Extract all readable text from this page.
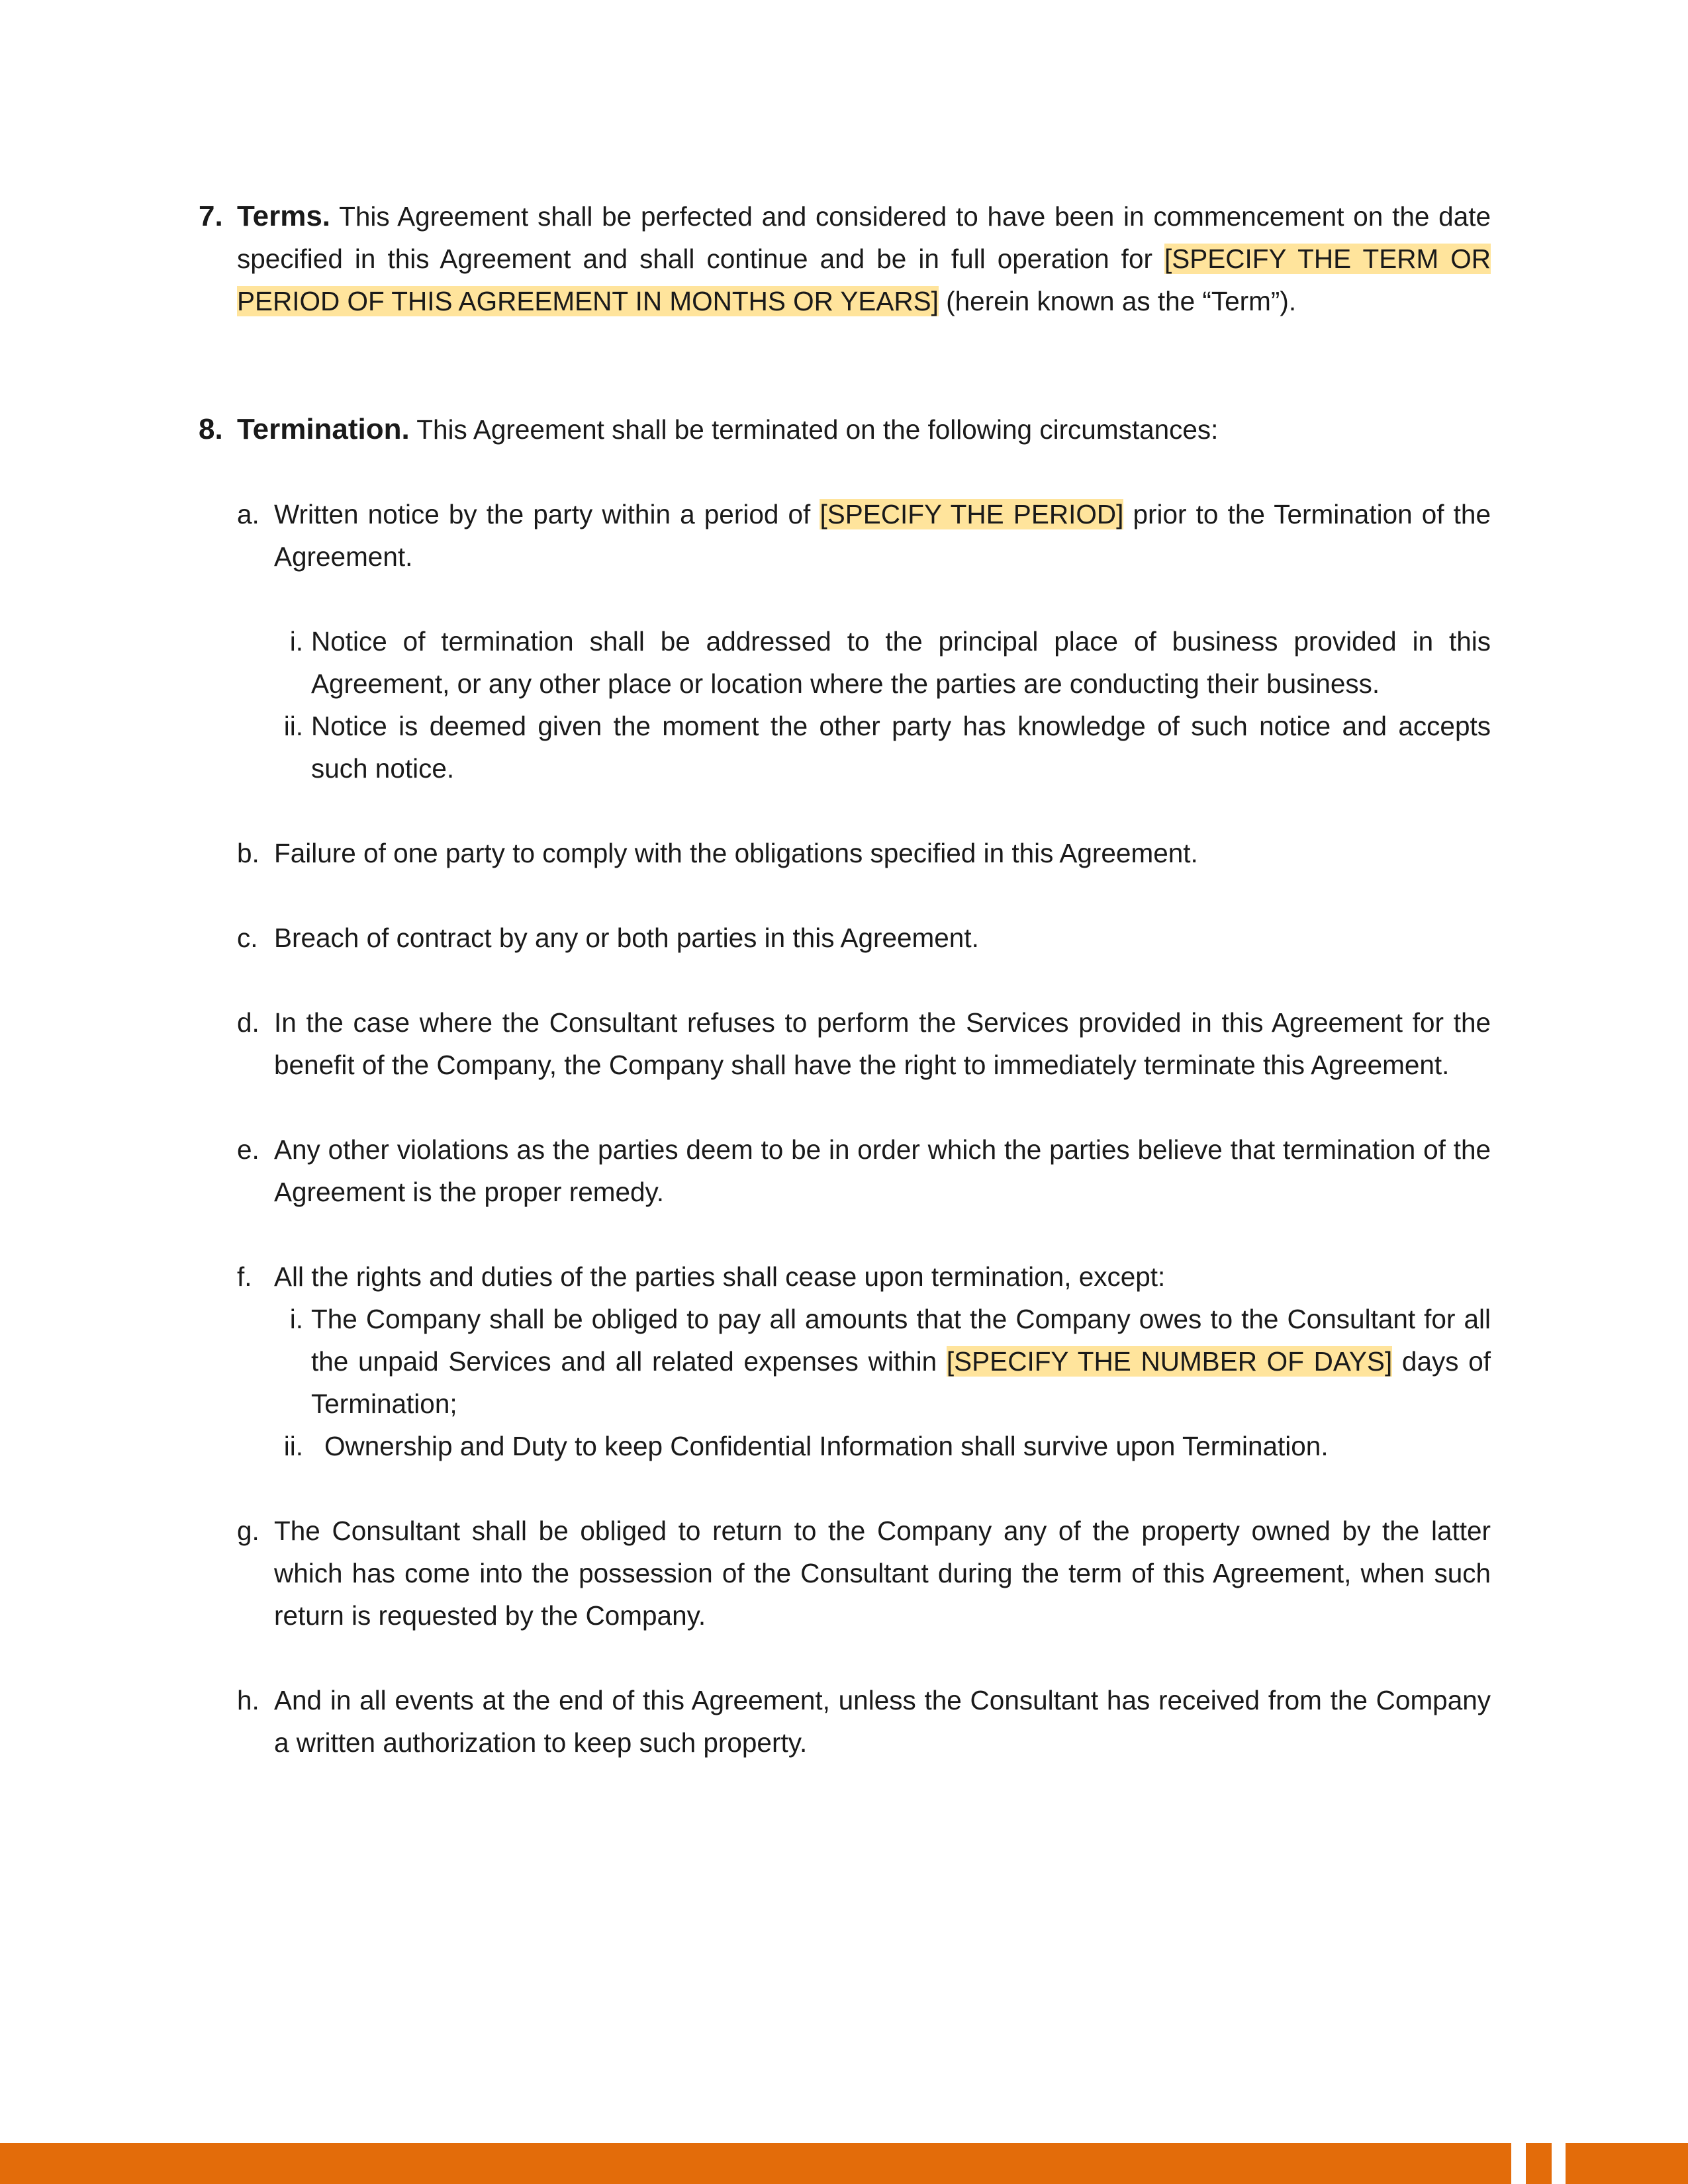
7. Terms. This Agreement shall be perfected and considered to have been in commencement on the date specified in this Agreement and shall continue and be in full operation for [SPECIFY THE TERM OR PERIOD OF THIS AGREEMENT IN MONTHS OR YEARS] (herein known as the “Term”).
8. Termination. This Agreement shall be terminated on the following circumstances:
a. Written notice by the party within a period of [SPECIFY THE PERIOD] prior to the Termination of the Agreement.
i. Notice of termination shall be addressed to the principal place of business provided in this Agreement, or any other place or location where the parties are conducting their business.
ii. Notice is deemed given the moment the other party has knowledge of such notice and accepts such notice.
b. Failure of one party to comply with the obligations specified in this Agreement.
c. Breach of contract by any or both parties in this Agreement.
d. In the case where the Consultant refuses to perform the Services provided in this Agreement for the benefit of the Company, the Company shall have the right to immediately terminate this Agreement.
e. Any other violations as the parties deem to be in order which the parties believe that termination of the Agreement is the proper remedy.
f. All the rights and duties of the parties shall cease upon termination, except:
i. The Company shall be obliged to pay all amounts that the Company owes to the Consultant for all the unpaid Services and all related expenses within [SPECIFY THE NUMBER OF DAYS] days of Termination;
ii. Ownership and Duty to keep Confidential Information shall survive upon Termination.
g. The Consultant shall be obliged to return to the Company any of the property owned by the latter which has come into the possession of the Consultant during the term of this Agreement, when such return is requested by the Company.
h. And in all events at the end of this Agreement, unless the Consultant has received from the Company a written authorization to keep such property.
